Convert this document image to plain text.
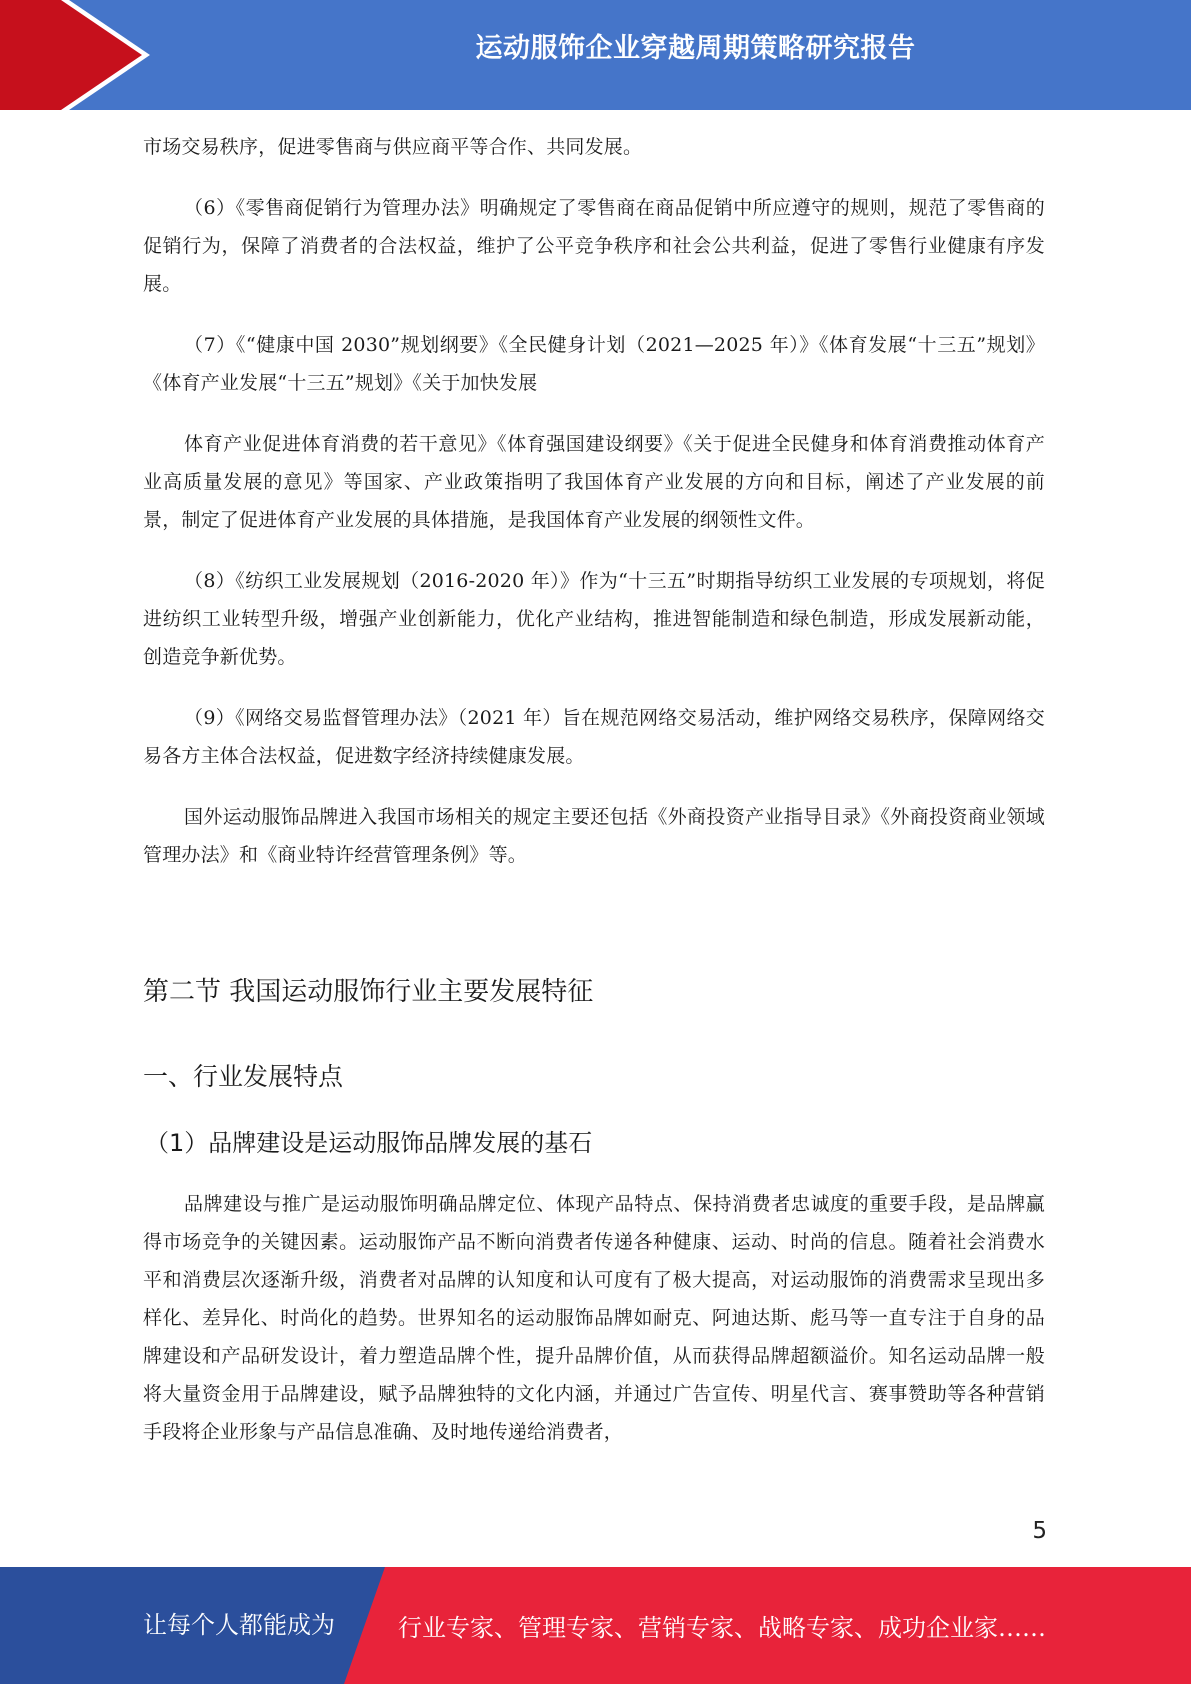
运动服饰企业穿越周期策略研究报告

市场交易秩序，促进零售商与供应商平等合作、共同发展。

（6）《零售商促销行为管理办法》明确规定了零售商在商品促销中所应遵守的规则，规范了零售商的促销行为，保障了消费者的合法权益，维护了公平竞争秩序和社会公共利益，促进了零售行业健康有序发展。

（7）《“健康中国 2030”规划纲要》《全民健身计划（2021—2025 年）》《体育发展“十三五”规划》《体育产业发展“十三五”规划》《关于加快发展

体育产业促进体育消费的若干意见》《体育强国建设纲要》《关于促进全民健身和体育消费推动体育产业高质量发展的意见》等国家、产业政策指明了我国体育产业发展的方向和目标，阐述了产业发展的前景，制定了促进体育产业发展的具体措施，是我国体育产业发展的纲领性文件。

（8）《纺织工业发展规划（2016-2020 年）》作为“十三五”时期指导纺织工业发展的专项规划，将促进纺织工业转型升级，增强产业创新能力，优化产业结构，推进智能制造和绿色制造，形成发展新动能，创造竞争新优势。

（9）《网络交易监督管理办法》（2021 年）旨在规范网络交易活动，维护网络交易秩序，保障网络交易各方主体合法权益，促进数字经济持续健康发展。

国外运动服饰品牌进入我国市场相关的规定主要还包括《外商投资产业指导目录》《外商投资商业领域管理办法》和《商业特许经营管理条例》等。

第二节 我国运动服饰行业主要发展特征
一、行业发展特点
（1）品牌建设是运动服饰品牌发展的基石

品牌建设与推广是运动服饰明确品牌定位、体现产品特点、保持消费者忠诚度的重要手段，是品牌赢得市场竞争的关键因素。运动服饰产品不断向消费者传递各种健康、运动、时尚的信息。随着社会消费水平和消费层次逐渐升级，消费者对品牌的认知度和认可度有了极大提高，对运动服饰的消费需求呈现出多样化、差异化、时尚化的趋势。世界知名的运动服饰品牌如耐克、阿迪达斯、彪马等一直专注于自身的品牌建设和产品研发设计，着力塑造品牌个性，提升品牌价值，从而获得品牌超额溢价。知名运动品牌一般将大量资金用于品牌建设，赋予品牌独特的文化内涵，并通过广告宣传、明星代言、赛事赞助等各种营销手段将企业形象与产品信息准确、及时地传递给消费者，

5
让每个人都能成为	行业专家、管理专家、营销专家、战略专家、成功企业家……
